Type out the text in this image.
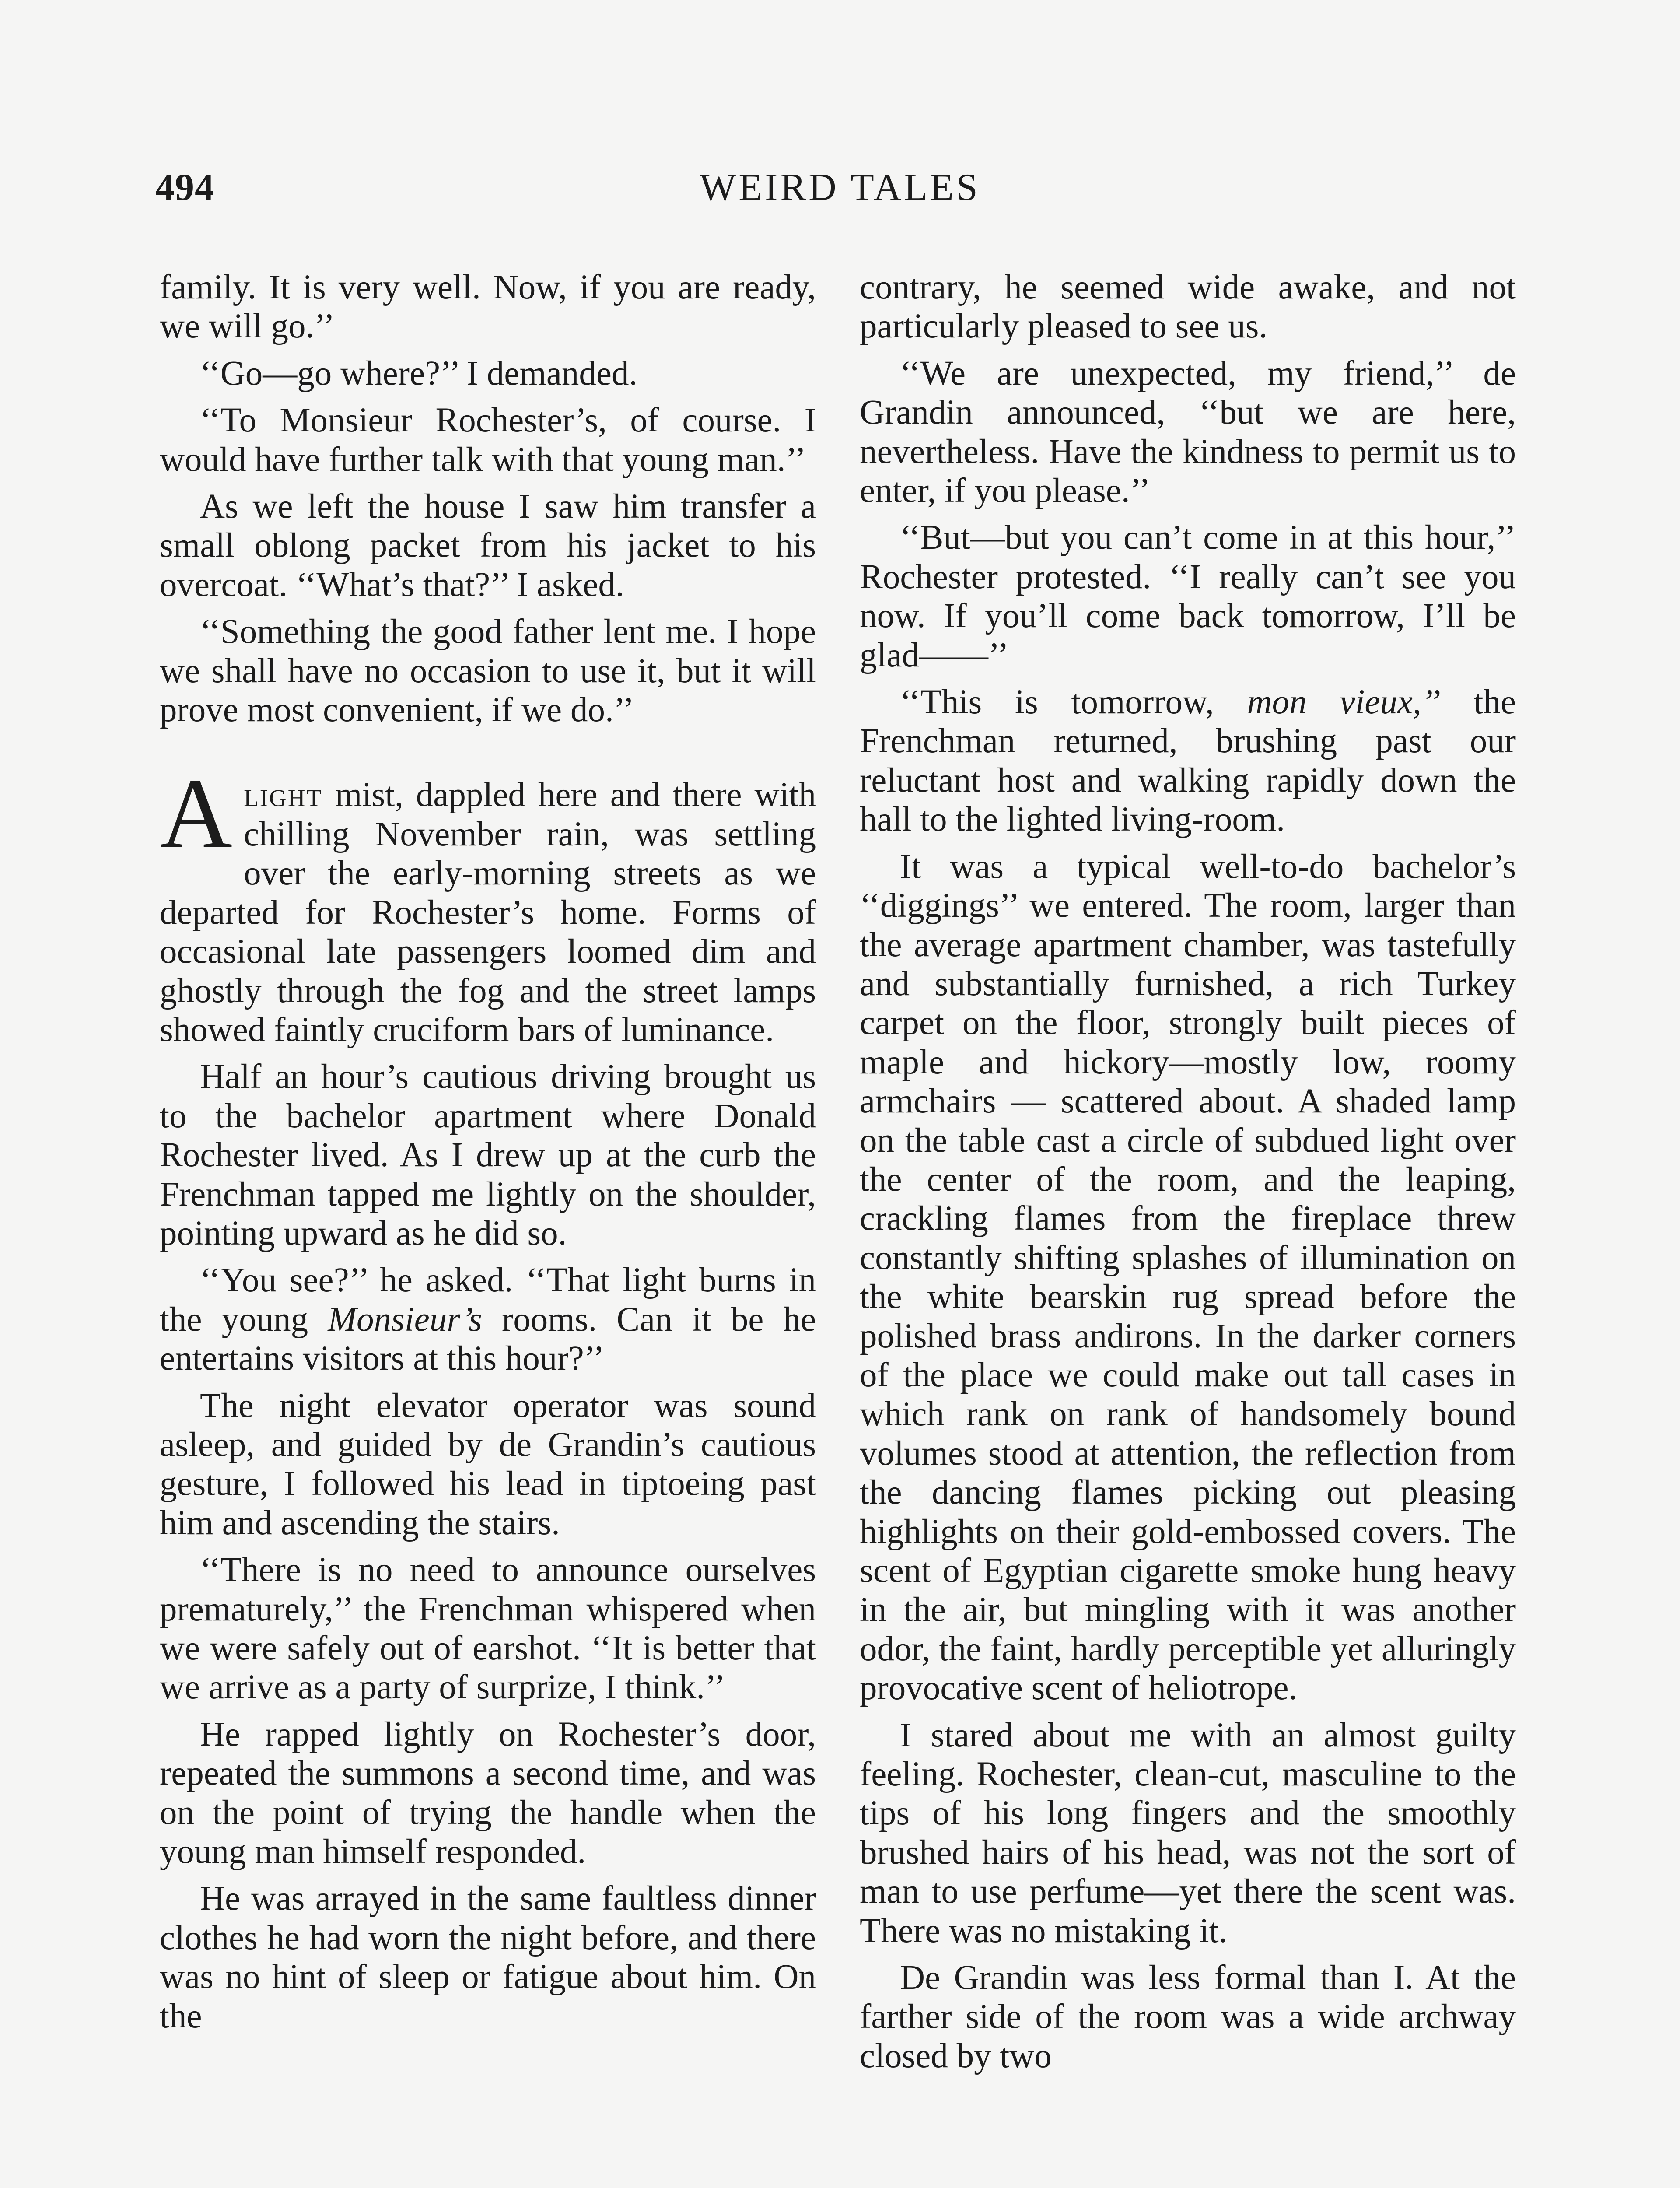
494	WEIRD TALES

family. It is very well. Now, if you are ready, we will go.’’

‘‘Go—go where?’’ I demanded.

‘‘To Monsieur Rochester’s, of course. I would have further talk with that young man.’’

As we left the house I saw him transfer a small oblong packet from his jacket to his overcoat. ‘‘What’s that?’’ I asked.

‘‘Something the good father lent me. I hope we shall have no occasion to use it, but it will prove most convenient, if we do.’’

Alight mist, dappled here and there with chilling November rain, was settling over the early-morning streets as we departed for Rochester’s home. Forms of occasional late passengers loomed dim and ghostly through the fog and the street lamps showed faintly cruciform bars of luminance.

Half an hour’s cautious driving brought us to the bachelor apartment where Donald Rochester lived. As I drew up at the curb the Frenchman tapped me lightly on the shoulder, pointing upward as he did so.

‘‘You see?’’ he asked. ‘‘That light burns in the young Monsieur’s rooms. Can it be he entertains visitors at this hour?’’

The night elevator operator was sound asleep, and guided by de Grandin’s cautious gesture, I followed his lead in tiptoeing past him and ascending the stairs.

‘‘There is no need to announce ourselves prematurely,’’ the Frenchman whispered when we were safely out of earshot. ‘‘It is better that we arrive as a party of surprize, I think.’’

He rapped lightly on Rochester’s door, repeated the summons a second time, and was on the point of trying the handle when the young man himself responded.

He was arrayed in the same faultless dinner clothes he had worn the night before, and there was no hint of sleep or fatigue about him. On the

contrary, he seemed wide awake, and not particularly pleased to see us.

‘‘We are unexpected, my friend,’’ de Grandin announced, ‘‘but we are here, nevertheless. Have the kindness to permit us to enter, if you please.’’

‘‘But—but you can’t come in at this hour,’’ Rochester protested. ‘‘I really can’t see you now. If you’ll come back tomorrow, I’ll be glad——’’

‘‘This is tomorrow, mon vieux,’’ the Frenchman returned, brushing past our reluctant host and walking rapidly down the hall to the lighted living-room.

It was a typical well-to-do bachelor’s ‘‘diggings’’ we entered. The room, larger than the average apartment chamber, was tastefully and substantially furnished, a rich Turkey carpet on the floor, strongly built pieces of maple and hickory—mostly low, roomy armchairs — scattered about. A shaded lamp on the table cast a circle of subdued light over the center of the room, and the leaping, crackling flames from the fireplace threw constantly shifting splashes of illumination on the white bearskin rug spread before the polished brass andirons. In the darker corners of the place we could make out tall cases in which rank on rank of handsomely bound volumes stood at attention, the reflection from the dancing flames picking out pleasing highlights on their gold-embossed covers. The scent of Egyptian cigarette smoke hung heavy in the air, but mingling with it was another odor, the faint, hardly perceptible yet alluringly provocative scent of heliotrope.

I stared about me with an almost guilty feeling. Rochester, clean-cut, masculine to the tips of his long fingers and the smoothly brushed hairs of his head, was not the sort of man to use perfume—yet there the scent was. There was no mistaking it.

De Grandin was less formal than I. At the farther side of the room was a wide archway closed by two
